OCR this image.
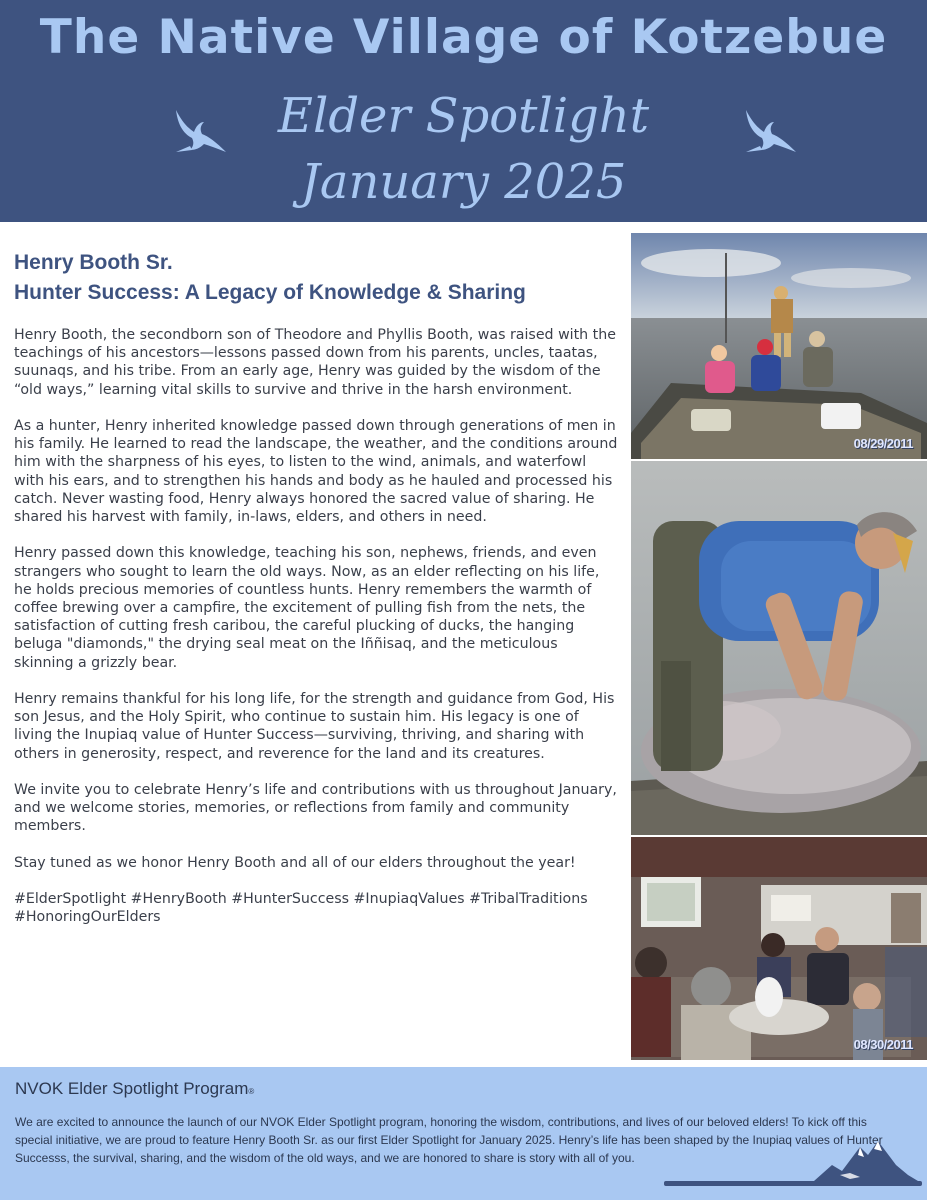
The Native Village of Kotzebue
Elder Spotlight
January 2025
Henry Booth Sr.
Hunter Success: A Legacy of Knowledge & Sharing

Henry Booth, the secondborn son of Theodore and Phyllis Booth, was raised with the teachings of his ancestors—lessons passed down from his parents, uncles, taatas, suunaqs, and his tribe. From an early age, Henry was guided by the wisdom of the “old ways,” learning vital skills to survive and thrive in the harsh environment.

As a hunter, Henry inherited knowledge passed down through generations of men in his family. He learned to read the landscape, the weather, and the conditions around him with the sharpness of his eyes, to listen to the wind, animals, and waterfowl with his ears, and to strengthen his hands and body as he hauled and processed his catch. Never wasting food, Henry always honored the sacred value of sharing. He shared his harvest with family, in-laws, elders, and others in need.

Henry passed down this knowledge, teaching his son, nephews, friends, and even strangers who sought to learn the old ways. Now, as an elder reflecting on his life, he holds precious memories of countless hunts. Henry remembers the warmth of coffee brewing over a campfire, the excitement of pulling fish from the nets, the satisfaction of cutting fresh caribou, the careful plucking of ducks, the hanging beluga "diamonds," the drying seal meat on the Iññisaq, and the meticulous skinning a grizzly bear.

Henry remains thankful for his long life, for the strength and guidance from God, His son Jesus, and the Holy Spirit, who continue to sustain him. His legacy is one of living the Inupiaq value of Hunter Success—surviving, thriving, and sharing with others in generosity, respect, and reverence for the land and its creatures.

We invite you to celebrate Henry’s life and contributions with us throughout January, and we welcome stories, memories, or reflections from family and community members.

Stay tuned as we honor Henry Booth and all of our elders throughout the year!

#ElderSpotlight #HenryBooth #HunterSuccess #InupiaqValues #TribalTraditions #HonoringOurElders

08/29/2011
08/30/2011
NVOK Elder Spotlight Program®
We are excited to announce the launch of our NVOK Elder Spotlight program, honoring the wisdom, contributions, and lives of our beloved elders! To kick off this special initiative, we are proud to feature Henry Booth Sr. as our first Elder Spotlight for January 2025. Henry’s life has been shaped by the Inupiaq values of Hunter Successs, the survival, sharing, and the wisdom of the old ways, and we are honored to share is story with all of you.
